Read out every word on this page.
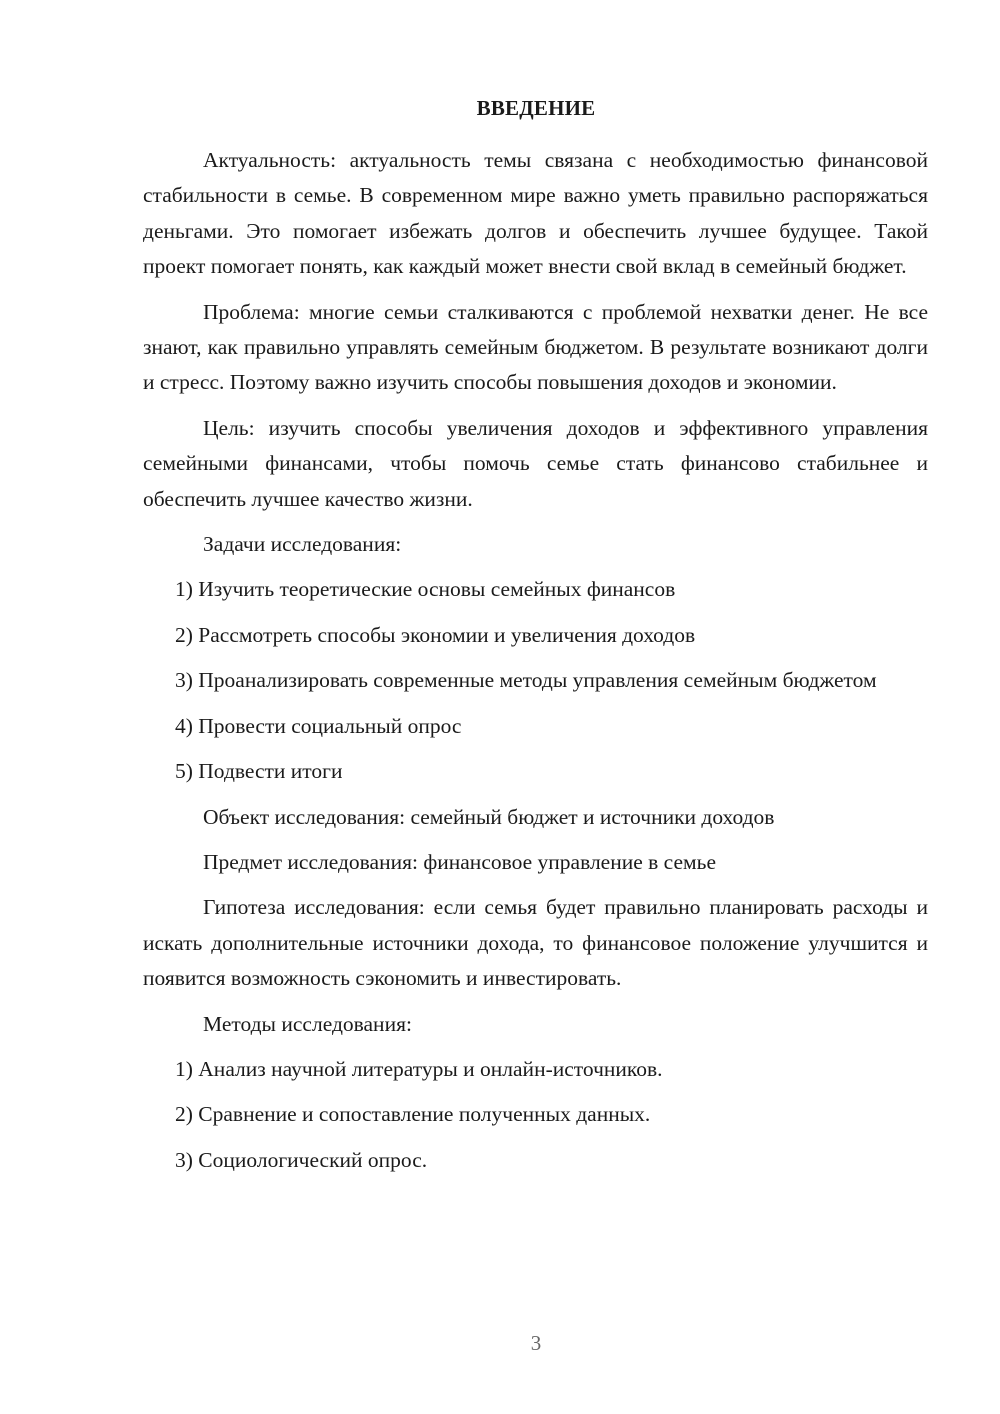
ВВЕДЕНИЕ

Актуальность: актуальность темы связана с необходимостью финансовой стабильности в семье. В современном мире важно уметь правильно распоряжаться деньгами. Это помогает избежать долгов и обеспечить лучшее будущее. Такой проект помогает понять, как каждый может внести свой вклад в семейный бюджет.

Проблема: многие семьи сталкиваются с проблемой нехватки денег. Не все знают, как правильно управлять семейным бюджетом. В результате возникают долги и стресс. Поэтому важно изучить способы повышения доходов и экономии.

Цель: изучить способы увеличения доходов и эффективного управления семейными финансами, чтобы помочь семье стать финансово стабильнее и обеспечить лучшее качество жизни.

Задачи исследования:

1) Изучить теоретические основы семейных финансов

2) Рассмотреть способы экономии и увеличения доходов

3) Проанализировать современные методы управления семейным бюджетом

4) Провести социальный опрос

5) Подвести итоги

Объект исследования: семейный бюджет и источники доходов

Предмет исследования: финансовое управление в семье

Гипотеза исследования: если семья будет правильно планировать расходы и искать дополнительные источники дохода, то финансовое положение улучшится и появится возможность сэкономить и инвестировать.

Методы исследования:

1) Анализ научной литературы и онлайн-источников.

2) Сравнение и сопоставление полученных данных.

3) Социологический опрос.

3
